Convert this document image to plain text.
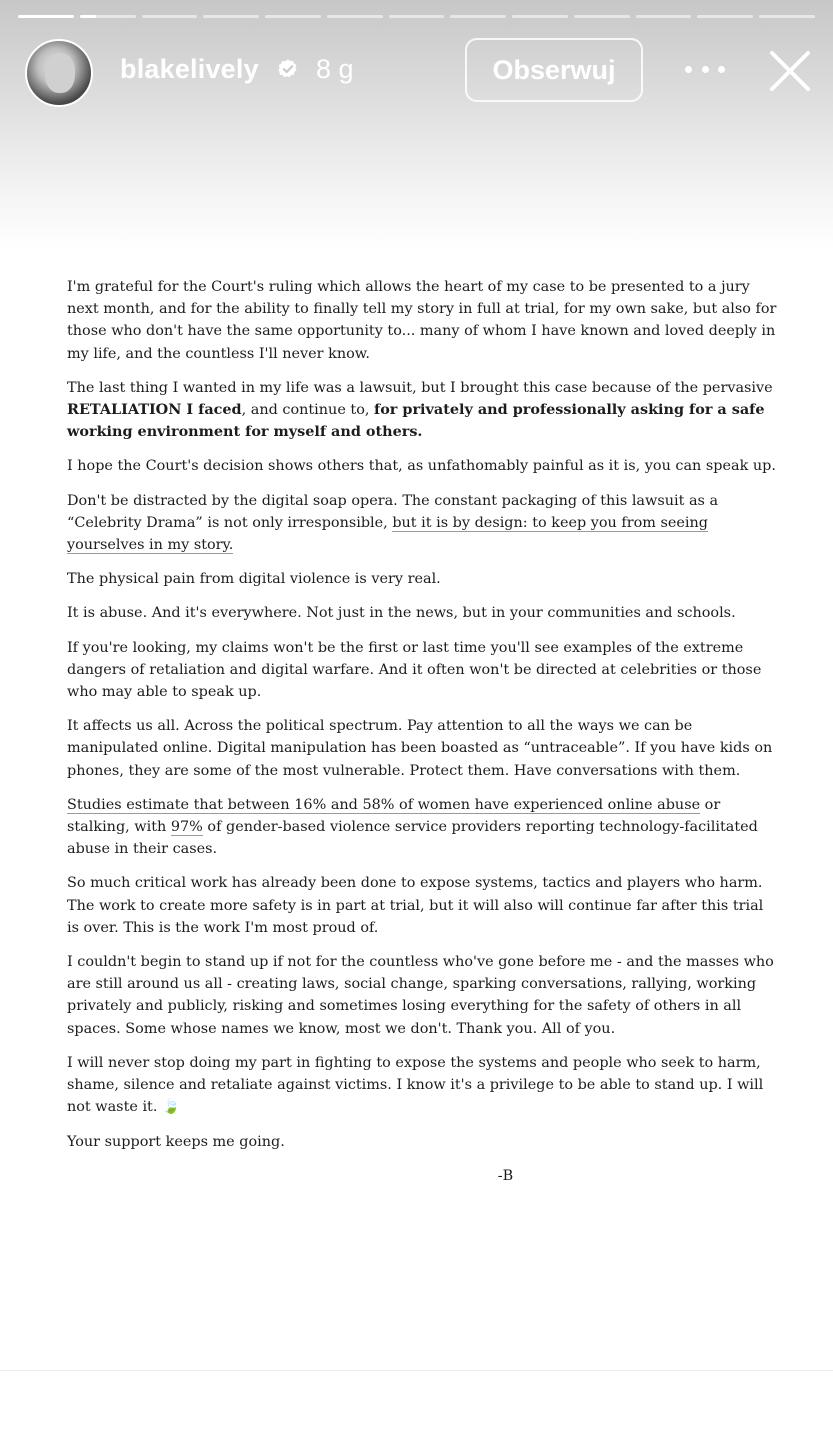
blakelively 8 g	Obserwuj

I'm grateful for the Court's ruling which allows the heart of my case to be presented to a jury next month, and for the ability to finally tell my story in full at trial, for my own sake, but also for those who don't have the same opportunity to... many of whom I have known and loved deeply in my life, and the countless I'll never know.

The last thing I wanted in my life was a lawsuit, but I brought this case because of the pervasive RETALIATION I faced, and continue to, for privately and professionally asking for a safe working environment for myself and others.

I hope the Court's decision shows others that, as unfathomably painful as it is, you can speak up.

Don't be distracted by the digital soap opera. The constant packaging of this lawsuit as a “Celebrity Drama” is not only irresponsible, but it is by design: to keep you from seeing yourselves in my story.

The physical pain from digital violence is very real.

It is abuse. And it's everywhere. Not just in the news, but in your communities and schools.

If you're looking, my claims won't be the first or last time you'll see examples of the extreme dangers of retaliation and digital warfare. And it often won't be directed at celebrities or those who may able to speak up.

It affects us all. Across the political spectrum. Pay attention to all the ways we can be manipulated online. Digital manipulation has been boasted as “untraceable”. If you have kids on phones, they are some of the most vulnerable. Protect them. Have conversations with them.

Studies estimate that between 16% and 58% of women have experienced online abuse or stalking, with 97% of gender-based violence service providers reporting technology-facilitated abuse in their cases.

So much critical work has already been done to expose systems, tactics and players who harm. The work to create more safety is in part at trial, but it will also will continue far after this trial is over. This is the work I'm most proud of.

I couldn't begin to stand up if not for the countless who've gone before me - and the masses who are still around us all - creating laws, social change, sparking conversations, rallying, working privately and publicly, risking and sometimes losing everything for the safety of others in all spaces. Some whose names we know, most we don't. Thank you. All of you.

I will never stop doing my part in fighting to expose the systems and people who seek to harm, shame, silence and retaliate against victims. I know it's a privilege to be able to stand up. I will not waste it. 🍃

Your support keeps me going.

-B
